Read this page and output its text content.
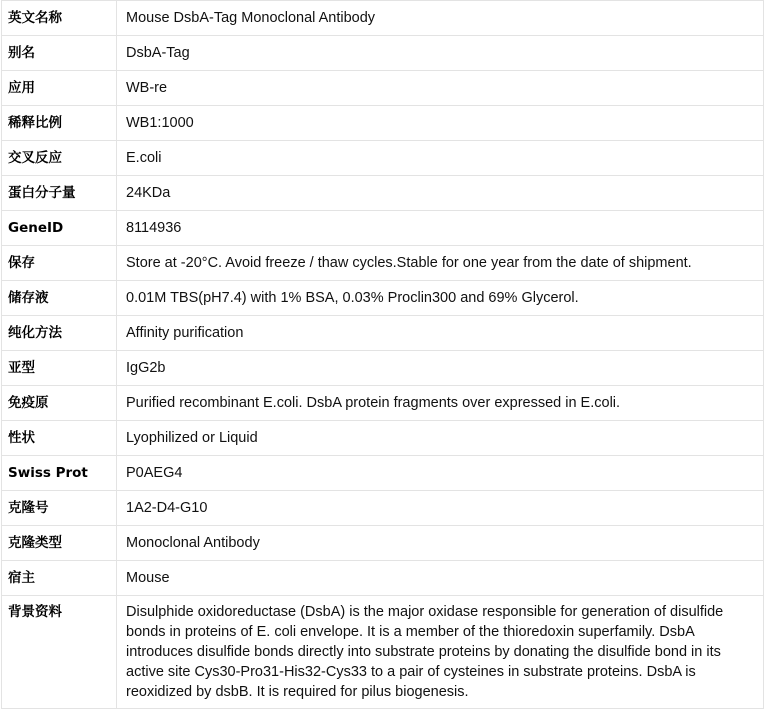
英文名称	Mouse DsbA-Tag Monoclonal Antibody
别名	DsbA-Tag
应用	WB-re
稀释比例	WB1:1000
交叉反应	E.coli
蛋白分子量	24KDa
GeneID	8114936
保存	Store at -20°C. Avoid freeze / thaw cycles.Stable for one year from the date of shipment.
储存液	0.01M TBS(pH7.4) with 1% BSA, 0.03% Proclin300 and 69% Glycerol.
纯化方法	Affinity purification
亚型	IgG2b
免疫原	Purified recombinant E.coli. DsbA protein fragments over expressed in E.coli.
性状	Lyophilized or Liquid
Swiss Prot	P0AEG4
克隆号	1A2-D4-G10
克隆类型	Monoclonal Antibody
宿主	Mouse
背景资料	Disulphide oxidoreductase (DsbA) is the major oxidase responsible for generation of disulfide bonds in proteins of E. coli envelope. It is a member of the thioredoxin superfamily. DsbA introduces disulfide bonds directly into substrate proteins by donating the disulfide bond in its active site Cys30-Pro31-His32-Cys33 to a pair of cysteines in substrate proteins. DsbA is reoxidized by dsbB. It is required for pilus biogenesis.
